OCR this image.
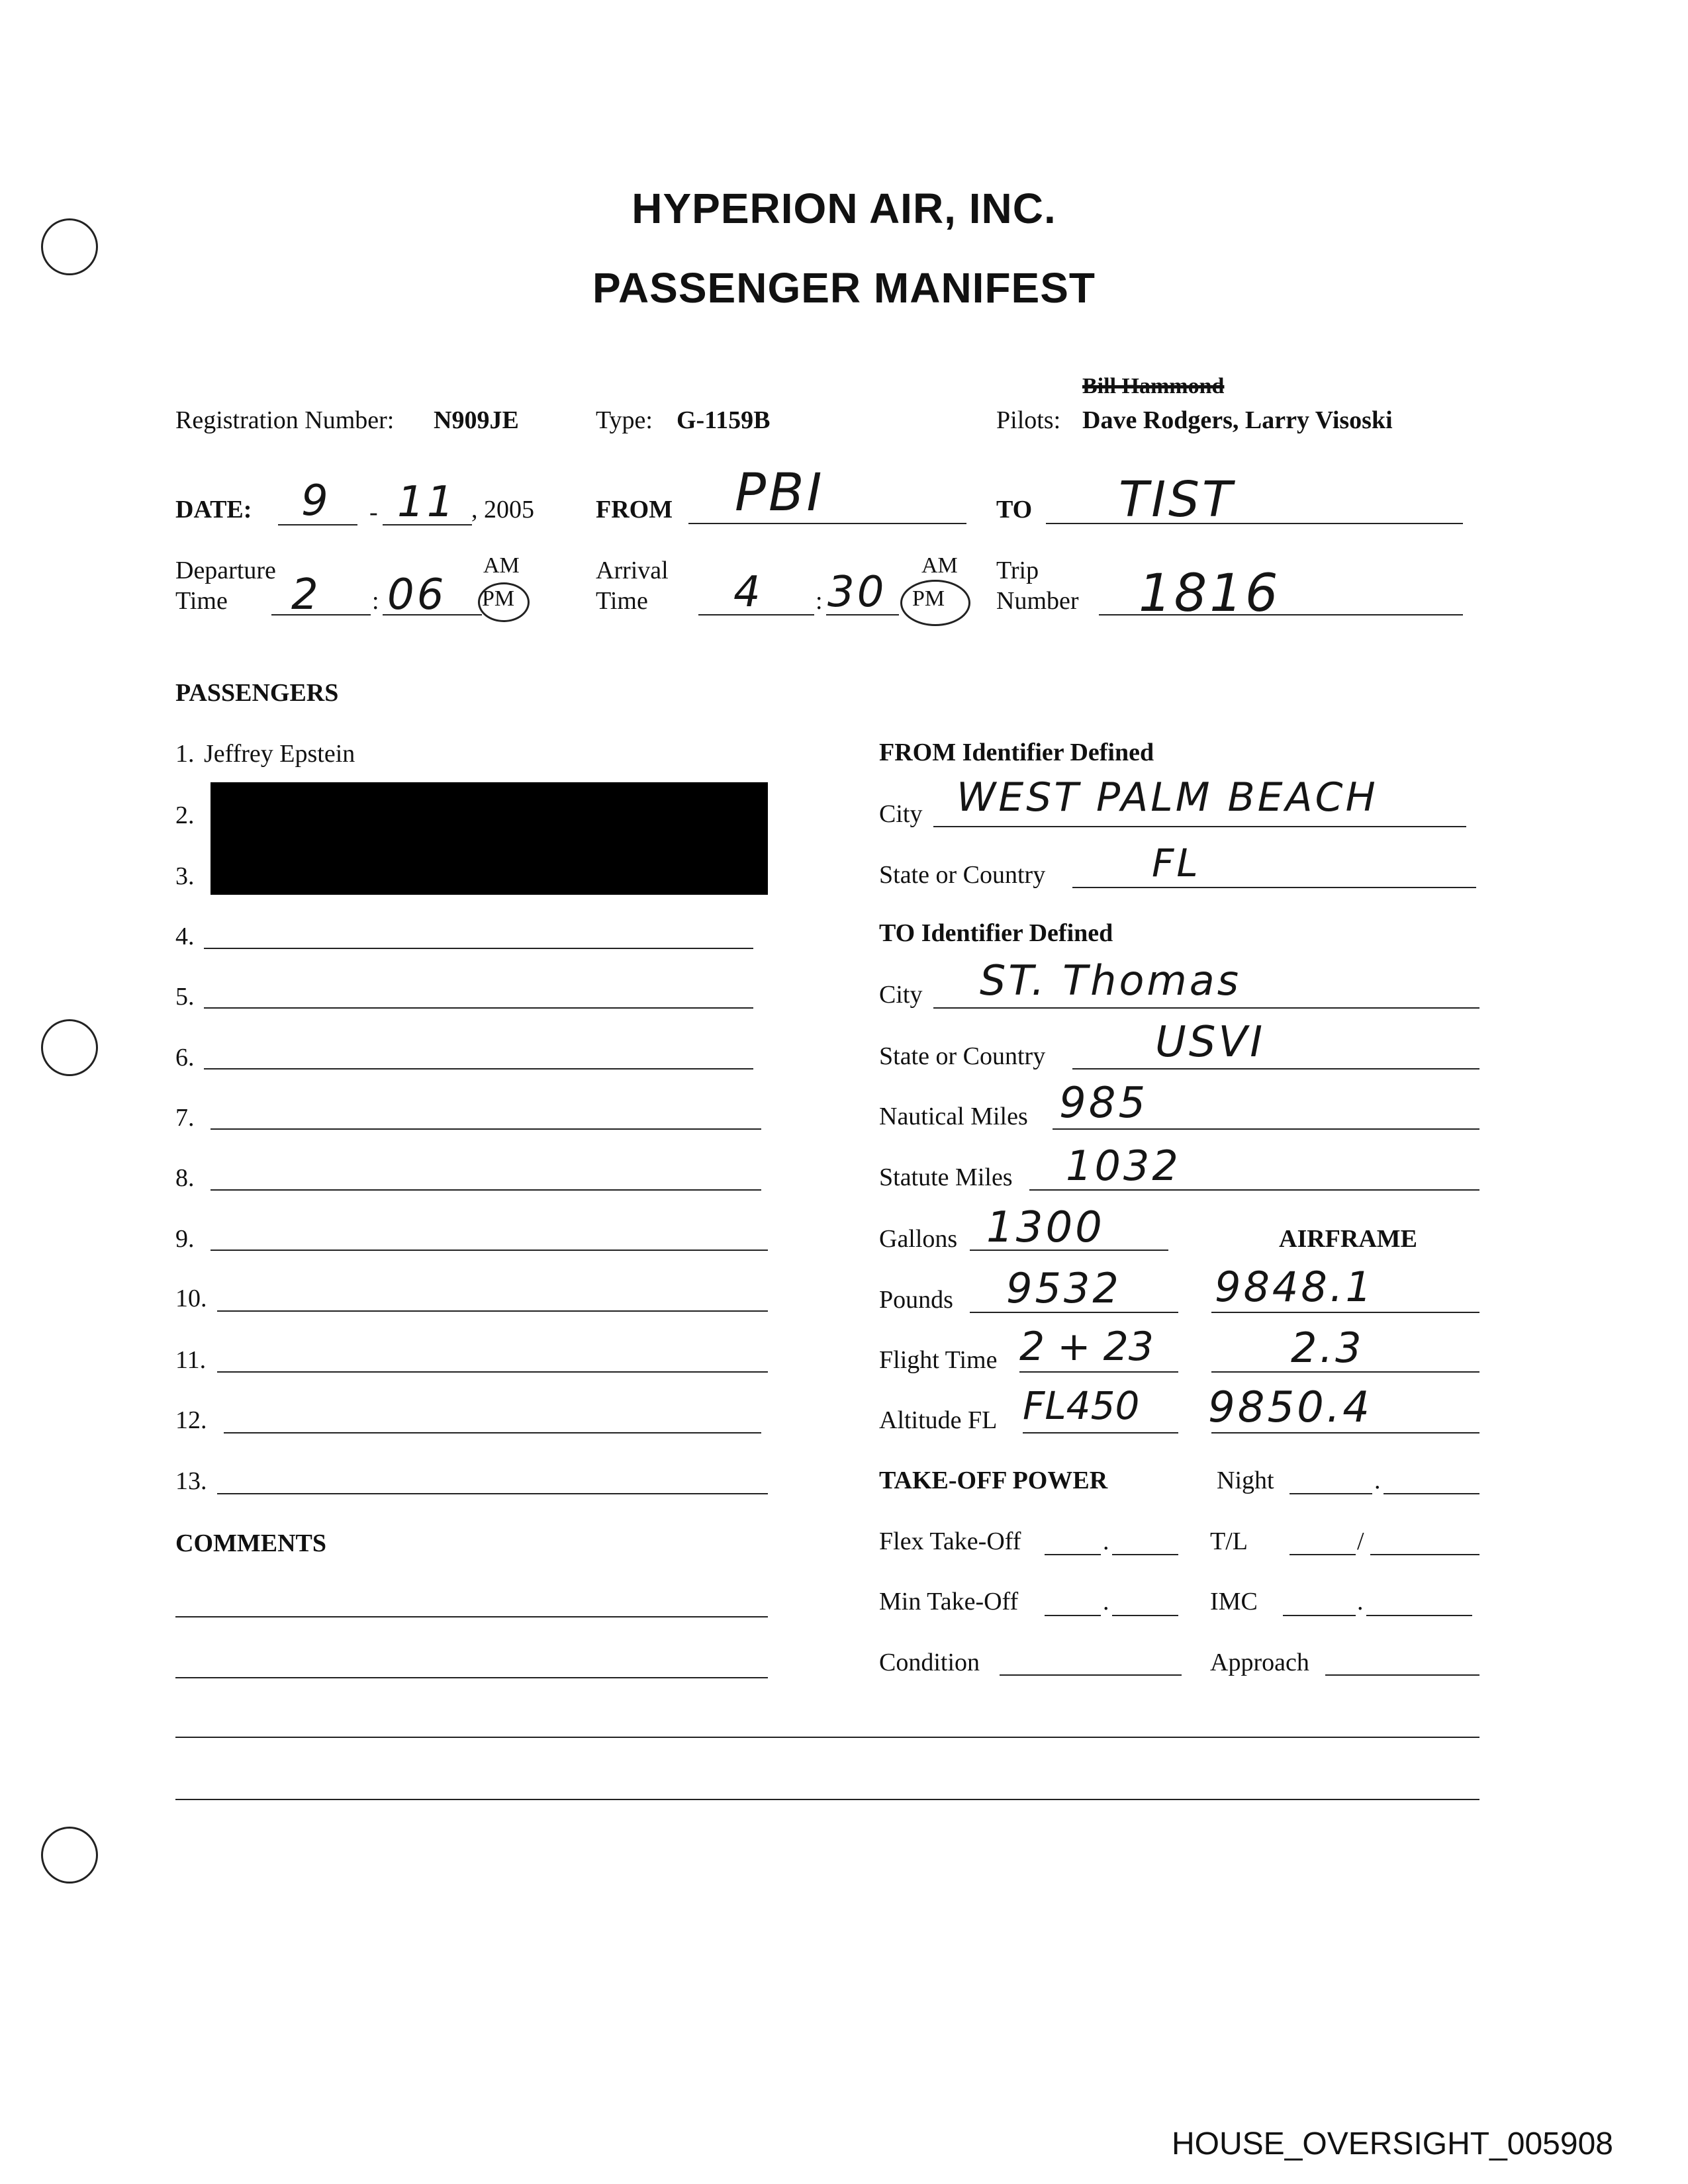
HYPERION AIR, INC.
PASSENGER MANIFEST
Registration Number: N909JE	Type: G-1159B
Bill Hammond
Pilots: Dave Rodgers, Larry Visoski
DATE: 9 - 11 , 2005 FROM PBI	TO TIST
Departure
Time 2 : 06
AM
PM
Arrival
Time 4 : 30
AM
PM
Trip
Number 1816
PASSENGERS
1. Jeffrey Epstein
2.
3.
4.
5.
6.
7.
8.
9.
10.
11.
12.
13.
COMMENTS
FROM Identifier Defined
City WEST PALM BEACH
State or Country	FL
TO Identifier Defined
City ST. Thomas
State or Country	USVI
Nautical Miles 985
Statute Miles 1032
Gallons 1300	AIRFRAME
Pounds 9532 9848.1
Flight Time 2 + 23	2.3
Altitude FL FL450 9850.4
TAKE-OFF POWER	Night	.
Flex Take-Off	.	T/L	/
Min Take-Off	.	IMC	.
Condition	Approach
HOUSE_OVERSIGHT_005908
